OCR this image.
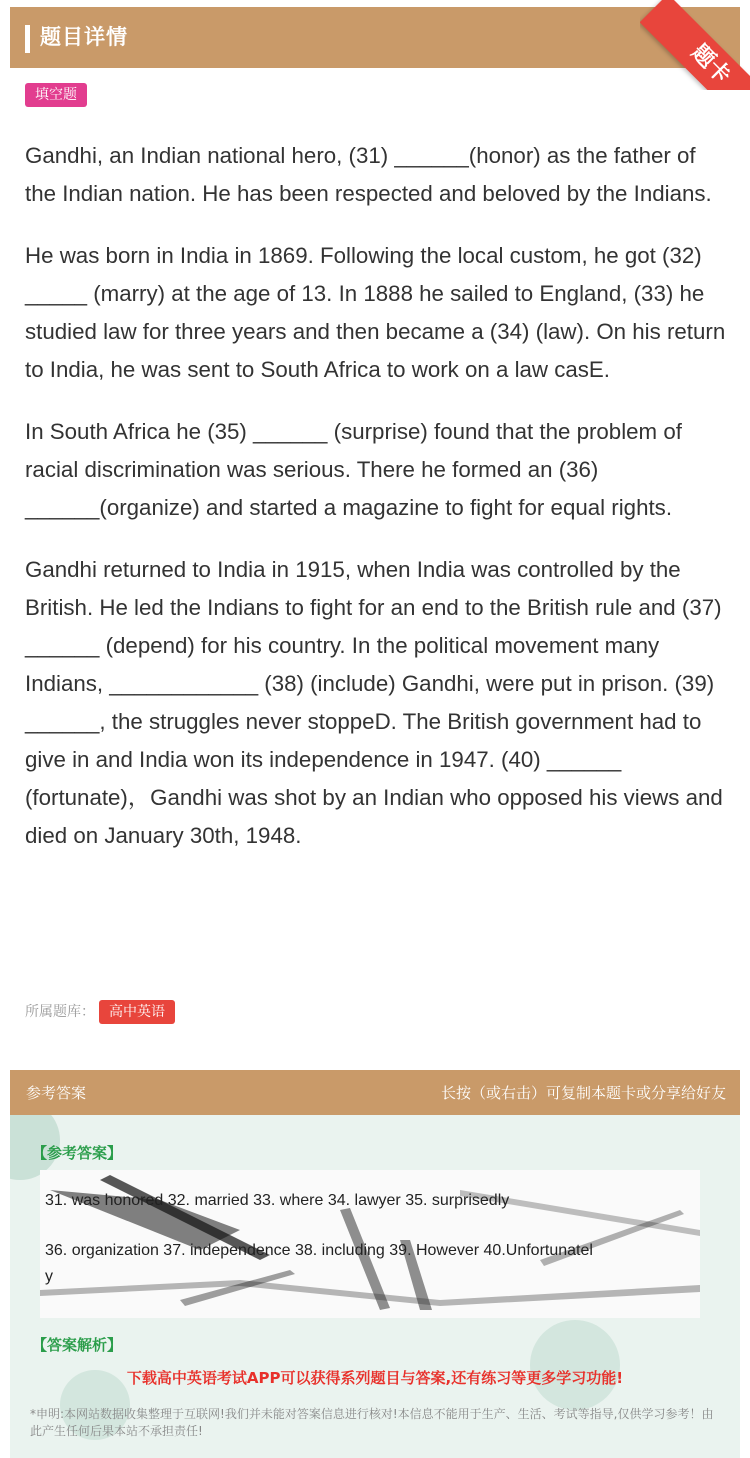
题目详情
题卡
填空题

Gandhi, an Indian national hero, (31) ______(honor) as the father of the Indian nation. He has been respected and beloved by the Indians.

He was born in India in 1869. Following the local custom, he got (32) _____ (marry) at the age of 13. In 1888 he sailed to England, (33) he studied law for three years and then became a (34) (law). On his return to India, he was sent to South Africa to work on a law casE.

In South Africa he (35) ______ (surprise) found that the problem of racial discrimination was serious. There he formed an (36) ______(organize) and started a magazine to fight for equal rights.

Gandhi returned to India in 1915, when India was controlled by the British. He led the Indians to fight for an end to the British rule and (37) ______ (depend) for his country. In the political movement many Indians, ____________ (38) (include) Gandhi, were put in prison. (39) ______, the struggles never stoppeD. The British government had to give in and India won its independence in 1947. (40) ______ (fortunate)，Gandhi was shot by an Indian who opposed his views and died on January 30th, 1948.

所属题库： 高中英语
参考答案	长按（或右击）可复制本题卡或分享给好友
【参考答案】
31. was honored 32. married 33. where 34. lawyer 35. surprisedly
36. organization 37. independence 38. including 39. However 40.Unfortunatel
y
【答案解析】
下载高中英语考试APP可以获得系列题目与答案,还有练习等更多学习功能!
*申明:本网站数据收集整理于互联网!我们并未能对答案信息进行核对!本信息不能用于生产、生活、考试等指导,仅供学习参考！由此产生任何后果本站不承担责任!
